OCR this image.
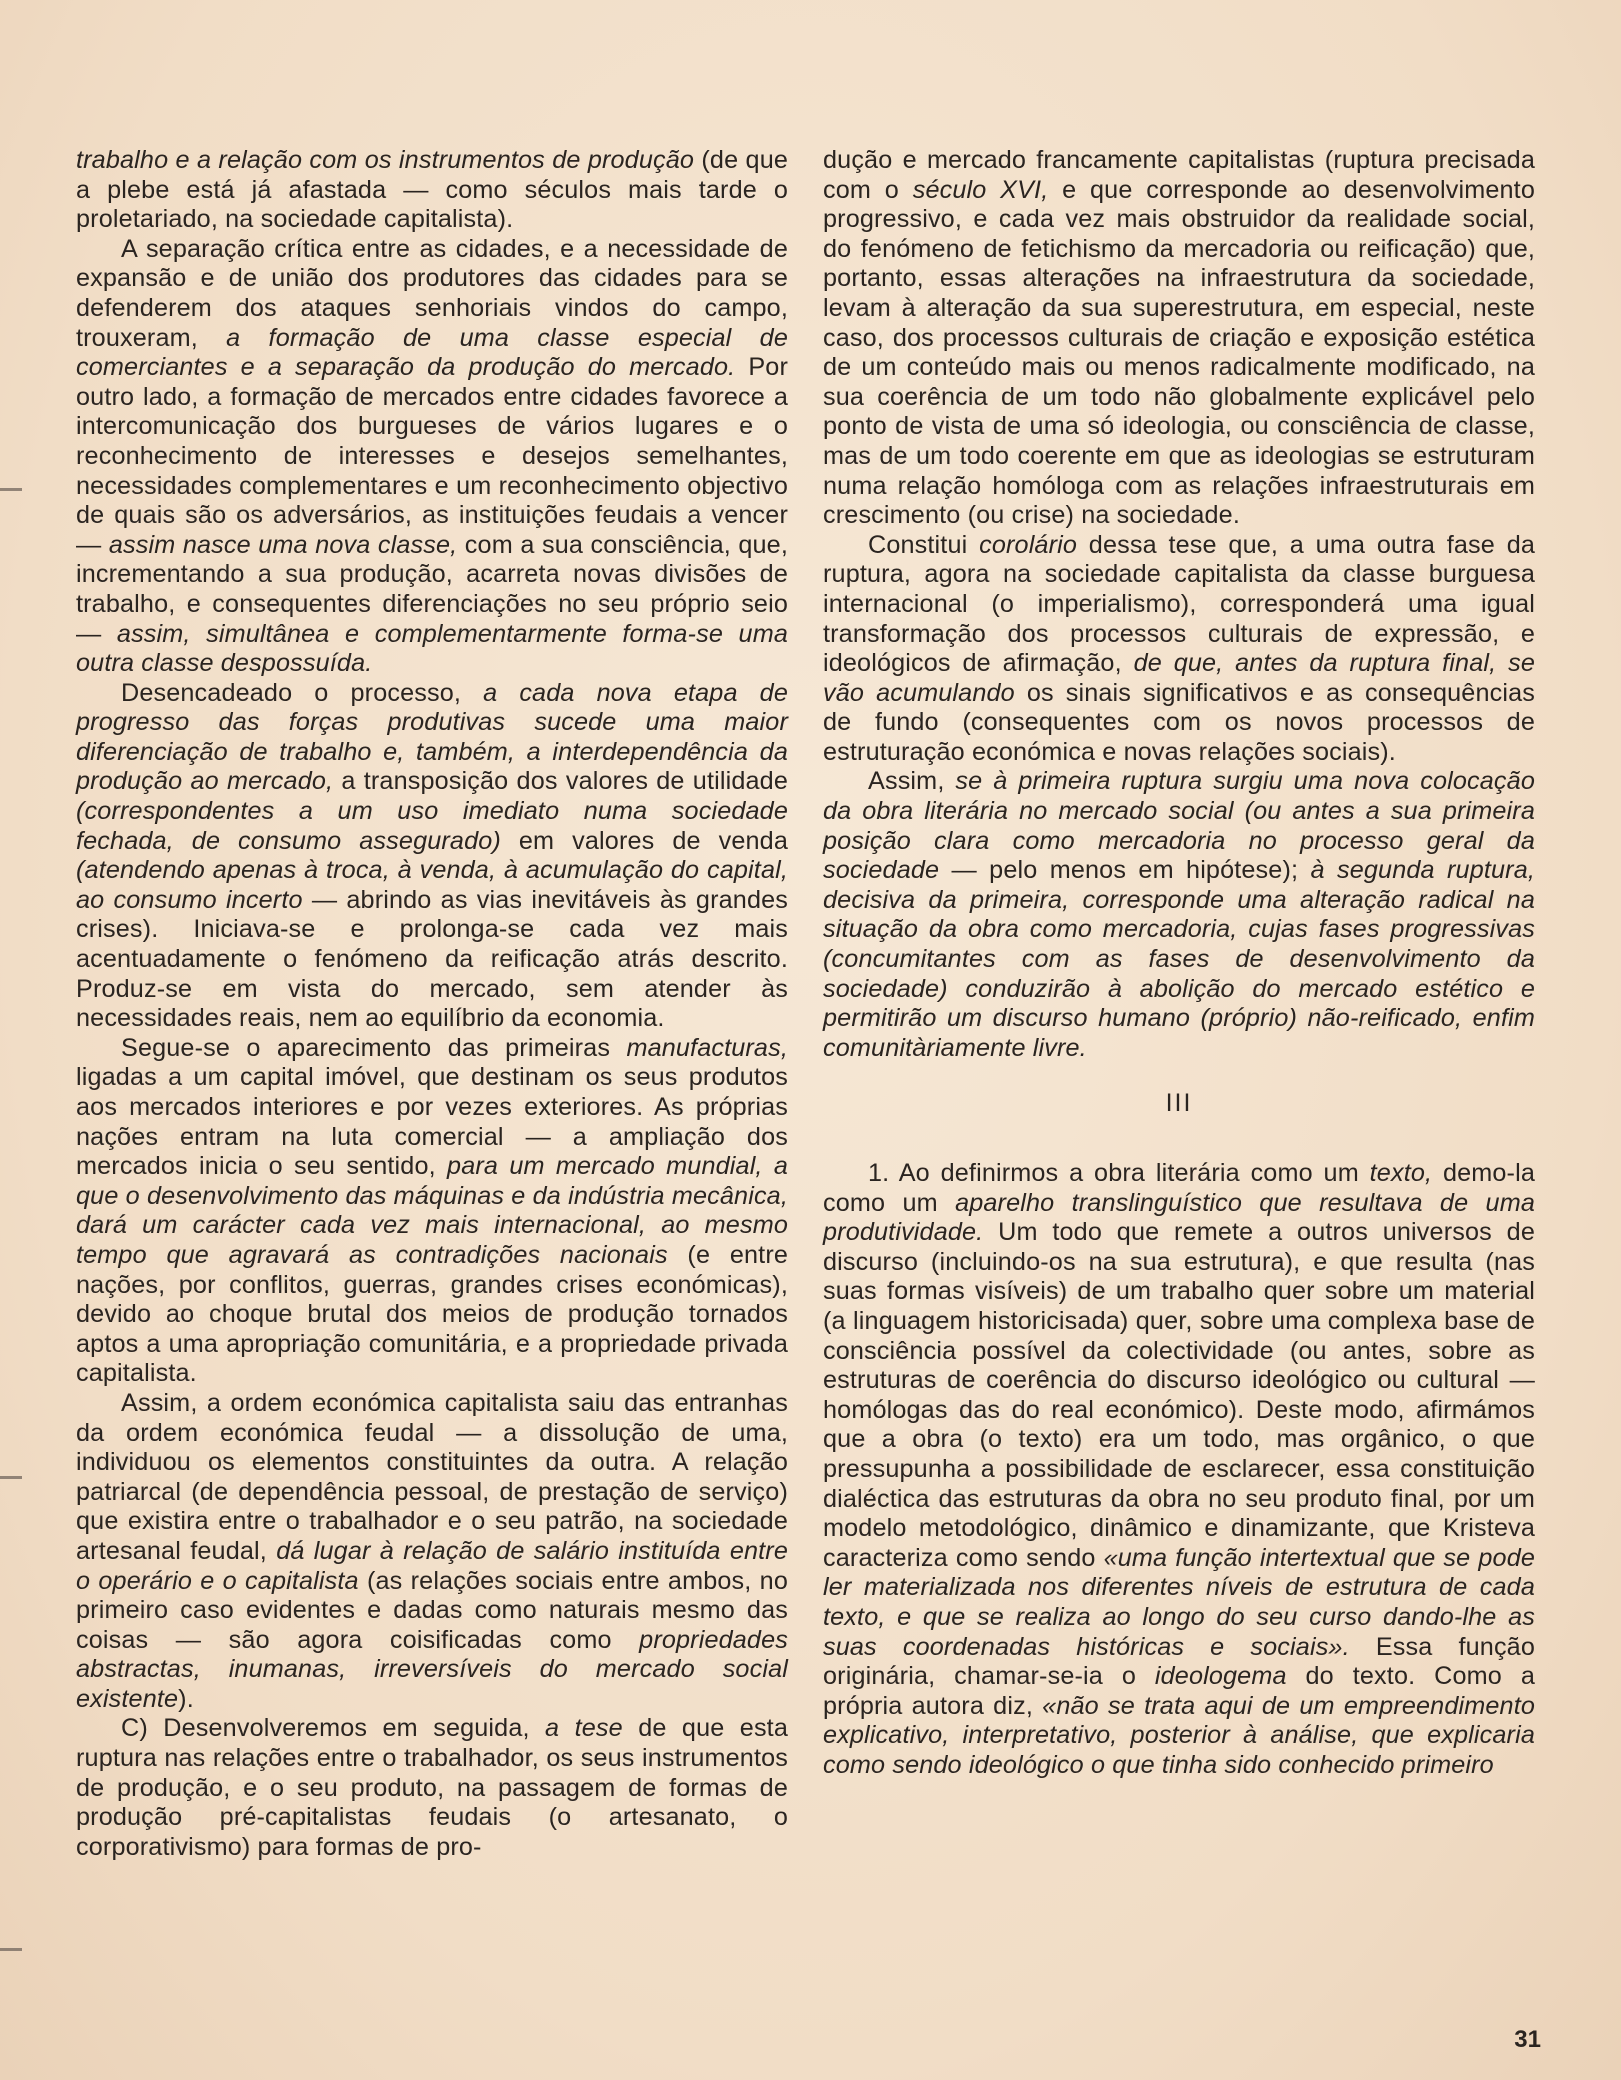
trabalho e a relação com os instrumentos de produção (de que a plebe está já afastada — como séculos mais tarde o proletariado, na sociedade capitalista).

A separação crítica entre as cidades, e a necessidade de expansão e de união dos produtores das cidades para se defenderem dos ataques senhoriais vindos do campo, trouxeram, a formação de uma classe especial de comerciantes e a separação da produção do mercado. Por outro lado, a formação de mercados entre cidades favorece a intercomunicação dos burgueses de vários lugares e o reconhecimento de interesses e desejos semelhantes, necessidades complementares e um reconhecimento objectivo de quais são os adversários, as instituições feudais a vencer — assim nasce uma nova classe, com a sua consciência, que, incrementando a sua produção, acarreta novas divisões de trabalho, e consequentes diferenciações no seu próprio seio — assim, simultânea e complementarmente forma-se uma outra classe despossuída.

Desencadeado o processo, a cada nova etapa de progresso das forças produtivas sucede uma maior diferenciação de trabalho e, também, a interdependência da produção ao mercado, a transposição dos valores de utilidade (correspondentes a um uso imediato numa sociedade fechada, de consumo assegurado) em valores de venda (atendendo apenas à troca, à venda, à acumulação do capital, ao consumo incerto — abrindo as vias inevitáveis às grandes crises). Iniciava-se e prolonga-se cada vez mais acentuadamente o fenómeno da reificação atrás descrito. Produz-se em vista do mercado, sem atender às necessidades reais, nem ao equilíbrio da economia.

Segue-se o aparecimento das primeiras manufacturas, ligadas a um capital imóvel, que destinam os seus produtos aos mercados interiores e por vezes exteriores. As próprias nações entram na luta comercial — a ampliação dos mercados inicia o seu sentido, para um mercado mundial, a que o desenvolvimento das máquinas e da indústria mecânica, dará um carácter cada vez mais internacional, ao mesmo tempo que agravará as contradições nacionais (e entre nações, por conflitos, guerras, grandes crises económicas), devido ao choque brutal dos meios de produção tornados aptos a uma apropriação comunitária, e a propriedade privada capitalista.

Assim, a ordem económica capitalista saiu das entranhas da ordem económica feudal — a dissolução de uma, individuou os elementos constituintes da outra. A relação patriarcal (de dependência pessoal, de prestação de serviço) que existira entre o trabalhador e o seu patrão, na sociedade artesanal feudal, dá lugar à relação de salário instituída entre o operário e o capitalista (as relações sociais entre ambos, no primeiro caso evidentes e dadas como naturais mesmo das coisas — são agora coisificadas como propriedades abstractas, inumanas, irreversíveis do mercado social existente).

C) Desenvolveremos em seguida, a tese de que esta ruptura nas relações entre o trabalhador, os seus instrumentos de produção, e o seu produto, na passagem de formas de produção pré-capitalistas feudais (o artesanato, o corporativismo) para formas de pro-

dução e mercado francamente capitalistas (ruptura precisada com o século XVI, e que corresponde ao desenvolvimento progressivo, e cada vez mais obstruidor da realidade social, do fenómeno de fetichismo da mercadoria ou reificação) que, portanto, essas alterações na infraestrutura da sociedade, levam à alteração da sua superestrutura, em especial, neste caso, dos processos culturais de criação e exposição estética de um conteúdo mais ou menos radicalmente modificado, na sua coerência de um todo não globalmente explicável pelo ponto de vista de uma só ideologia, ou consciência de classe, mas de um todo coerente em que as ideologias se estruturam numa relação homóloga com as relações infraestruturais em crescimento (ou crise) na sociedade.

Constitui corolário dessa tese que, a uma outra fase da ruptura, agora na sociedade capitalista da classe burguesa internacional (o imperialismo), corresponderá uma igual transformação dos processos culturais de expressão, e ideológicos de afirmação, de que, antes da ruptura final, se vão acumulando os sinais significativos e as consequências de fundo (consequentes com os novos processos de estruturação económica e novas relações sociais).

Assim, se à primeira ruptura surgiu uma nova colocação da obra literária no mercado social (ou antes a sua primeira posição clara como mercadoria no processo geral da sociedade — pelo menos em hipótese); à segunda ruptura, decisiva da primeira, corresponde uma alteração radical na situação da obra como mercadoria, cujas fases progressivas (concumitantes com as fases de desenvolvimento da sociedade) conduzirão à abolição do mercado estético e permitirão um discurso humano (próprio) não-reificado, enfim comunitàriamente livre.

III

1. Ao definirmos a obra literária como um texto, demo-la como um aparelho translinguístico que resultava de uma produtividade. Um todo que remete a outros universos de discurso (incluindo-os na sua estrutura), e que resulta (nas suas formas visíveis) de um trabalho quer sobre um material (a linguagem historicisada) quer, sobre uma complexa base de consciência possível da colectividade (ou antes, sobre as estruturas de coerência do discurso ideológico ou cultural — homólogas das do real económico). Deste modo, afirmámos que a obra (o texto) era um todo, mas orgânico, o que pressupunha a possibilidade de esclarecer, essa constituição dialéctica das estruturas da obra no seu produto final, por um modelo metodológico, dinâmico e dinamizante, que Kristeva caracteriza como sendo «uma função intertextual que se pode ler materializada nos diferentes níveis de estrutura de cada texto, e que se realiza ao longo do seu curso dando-lhe as suas coordenadas históricas e sociais». Essa função originária, chamar-se-ia o ideologema do texto. Como a própria autora diz, «não se trata aqui de um empreendimento explicativo, interpretativo, posterior à análise, que explicaria como sendo ideológico o que tinha sido conhecido primeiro

31
